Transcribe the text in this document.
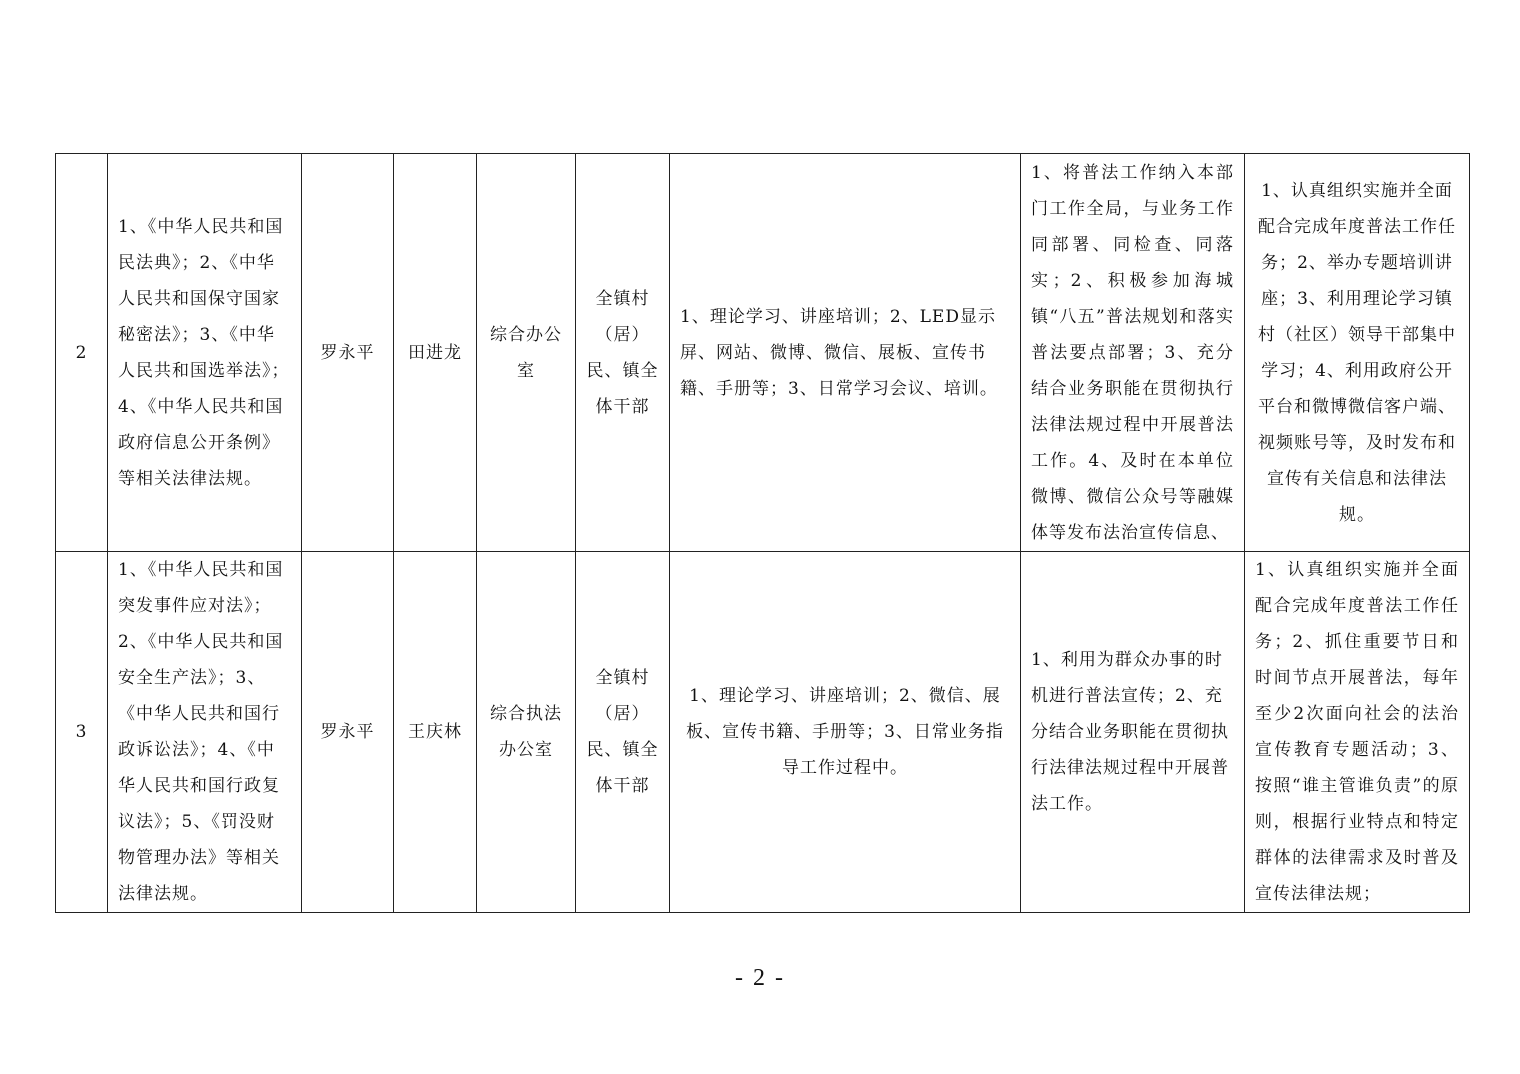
2	1、《中华人民共和国民法典》；2、《中华人民共和国保守国家秘密法》；3、《中华人民共和国选举法》；4、《中华人民共和国政府信息公开条例》等相关法律法规。	罗永平	田进龙	综合办公室	全镇村（居）民、镇全体干部	1、理论学习、讲座培训；2、LED显示屏、网站、微博、微信、展板、宣传书籍、手册等；3、日常学习会议、培训。	1、将普法工作纳入本部门工作全局，与业务工作同部署、同检查、同落实；2、积极参加海城镇“八五”普法规划和落实普法要点部署；3、充分结合业务职能在贯彻执行法律法规过程中开展普法工作。4、及时在本单位微博、微信公众号等融媒体等发布法治宣传信息、	1、认真组织实施并全面配合完成年度普法工作任务；2、举办专题培训讲座；3、利用理论学习镇村（社区）领导干部集中学习；4、利用政府公开平台和微博微信客户端、视频账号等，及时发布和宣传有关信息和法律法规。
3	1、《中华人民共和国突发事件应对法》；2、《中华人民共和国安全生产法》；3、《中华人民共和国行政诉讼法》；4、《中华人民共和国行政复议法》；5、《罚没财物管理办法》等相关法律法规。	罗永平	王庆林	综合执法办公室	全镇村（居）民、镇全体干部	1、理论学习、讲座培训；2、微信、展板、宣传书籍、手册等；3、日常业务指导工作过程中。	1、利用为群众办事的时机进行普法宣传；2、充分结合业务职能在贯彻执行法律法规过程中开展普法工作。	1、认真组织实施并全面配合完成年度普法工作任务；2、抓住重要节日和时间节点开展普法，每年至少2次面向社会的法治宣传教育专题活动；3、按照“谁主管谁负责”的原则，根据行业特点和特定群体的法律需求及时普及宣传法律法规；
- 2 -
